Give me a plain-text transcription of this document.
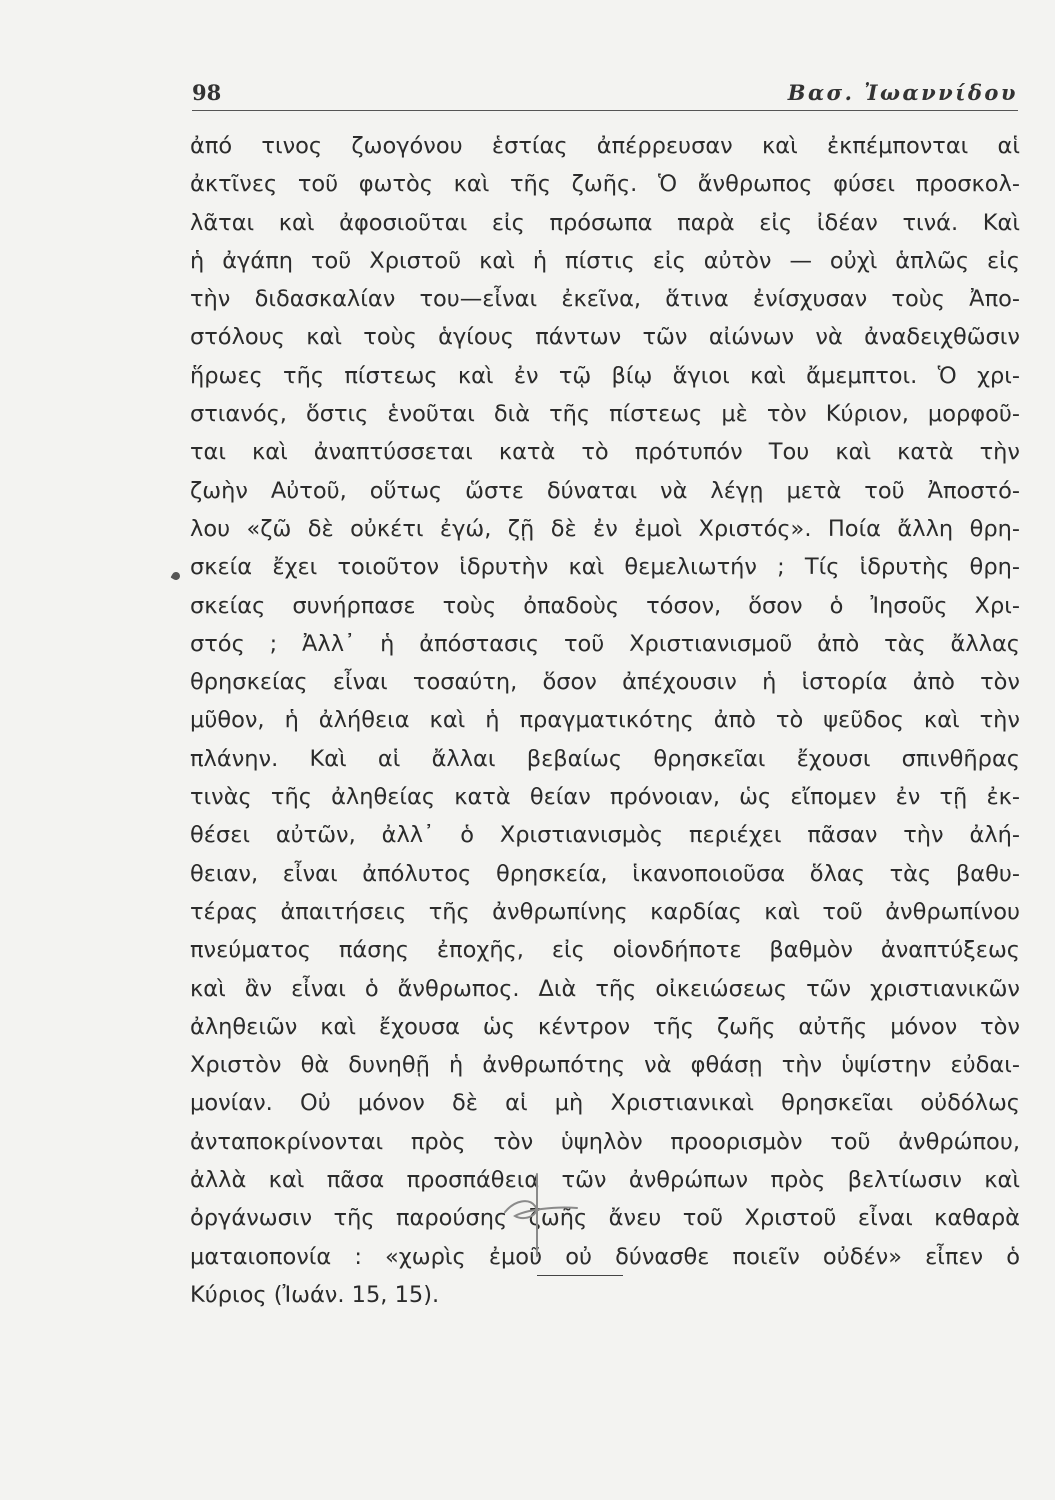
98	Βασ. Ἰωαννίδου
ἀπό τινος ζωογόνου ἑστίας ἀπέρρευσαν καὶ ἐκπέμπονται αἱ
ἀκτῖνες τοῦ φωτὸς καὶ τῆς ζωῆς. Ὁ ἄνθρωπος φύσει προσκολ-
λᾶται καὶ ἀφοσιοῦται εἰς πρόσωπα παρὰ εἰς ἰδέαν τινά. Καὶ
ἡ ἀγάπη τοῦ Χριστοῦ καὶ ἡ πίστις εἰς αὐτὸν — οὐχὶ ἁπλῶς εἰς
τὴν διδασκαλίαν του—εἶναι ἐκεῖνα, ἅτινα ἐνίσχυσαν τοὺς Ἀπο-
στόλους καὶ τοὺς ἁγίους πάντων τῶν αἰώνων νὰ ἀναδειχθῶσιν
ἥρωες τῆς πίστεως καὶ ἐν τῷ βίῳ ἅγιοι καὶ ἄμεμπτοι. Ὁ χρι-
στιανός, ὅστις ἑνοῦται διὰ τῆς πίστεως μὲ τὸν Κύριον, μορφοῦ-
ται καὶ ἀναπτύσσεται κατὰ τὸ πρότυπόν Του καὶ κατὰ τὴν
ζωὴν Αὐτοῦ, οὕτως ὥστε δύναται νὰ λέγῃ μετὰ τοῦ Ἀποστό-
λου «ζῶ δὲ οὐκέτι ἐγώ, ζῇ δὲ ἐν ἐμοὶ Χριστός». Ποία ἄλλη θρη-
σκεία ἔχει τοιοῦτον ἱδρυτὴν καὶ θεμελιωτήν ; Τίς ἱδρυτὴς θρη-
σκείας συνήρπασε τοὺς ὀπαδοὺς τόσον, ὅσον ὁ Ἰησοῦς Χρι-
στός ; Ἀλλ᾽ ἡ ἀπόστασις τοῦ Χριστιανισμοῦ ἀπὸ τὰς ἄλλας
θρησκείας εἶναι τοσαύτη, ὅσον ἀπέχουσιν ἡ ἱστορία ἀπὸ τὸν
μῦθον, ἡ ἀλήθεια καὶ ἡ πραγματικότης ἀπὸ τὸ ψεῦδος καὶ τὴν
πλάνην. Καὶ αἱ ἄλλαι βεβαίως θρησκεῖαι ἔχουσι σπινθῆρας
τινὰς τῆς ἀληθείας κατὰ θείαν πρόνοιαν, ὡς εἴπομεν ἐν τῇ ἐκ-
θέσει αὐτῶν, ἀλλ᾽ ὁ Χριστιανισμὸς περιέχει πᾶσαν τὴν ἀλή-
θειαν, εἶναι ἀπόλυτος θρησκεία, ἱκανοποιοῦσα ὅλας τὰς βαθυ-
τέρας ἀπαιτήσεις τῆς ἀνθρωπίνης καρδίας καὶ τοῦ ἀνθρωπίνου
πνεύματος πάσης ἐποχῆς, εἰς οἱονδήποτε βαθμὸν ἀναπτύξεως
καὶ ἂν εἶναι ὁ ἄνθρωπος. Διὰ τῆς οἰκειώσεως τῶν χριστιανικῶν
ἀληθειῶν καὶ ἔχουσα ὡς κέντρον τῆς ζωῆς αὐτῆς μόνον τὸν
Χριστὸν θὰ δυνηθῇ ἡ ἀνθρωπότης νὰ φθάσῃ τὴν ὑψίστην εὐδαι-
μονίαν. Οὐ μόνον δὲ αἱ μὴ Χριστιανικαὶ θρησκεῖαι οὐδόλως
ἀνταποκρίνονται πρὸς τὸν ὑψηλὸν προορισμὸν τοῦ ἀνθρώπου,
ἀλλὰ καὶ πᾶσα προσπάθεια τῶν ἀνθρώπων πρὸς βελτίωσιν καὶ
ὀργάνωσιν τῆς παρούσης ζωῆς ἄνευ τοῦ Χριστοῦ εἶναι καθαρὰ
ματαιοπονία : «χωρὶς ἐμοῦ οὐ δύνασθε ποιεῖν οὐδέν» εἶπεν ὁ
Κύριος (Ἰωάν. 15, 15).
